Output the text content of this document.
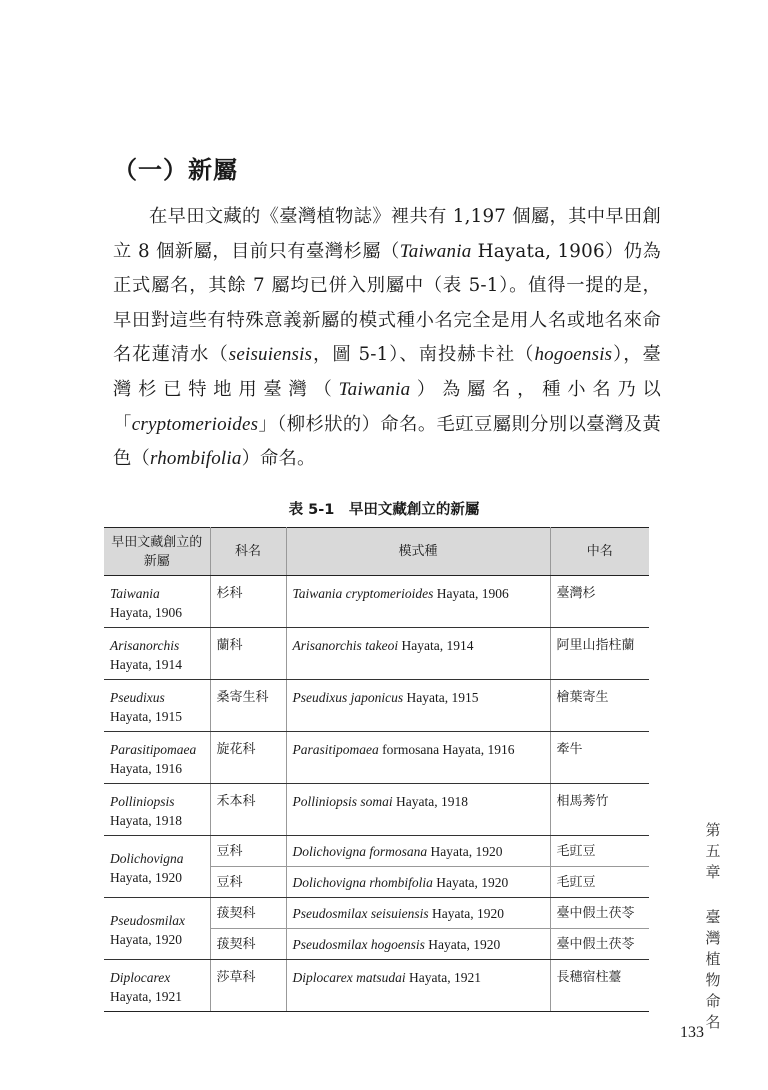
（一）新屬

在早田文藏的《臺灣植物誌》裡共有 1,197 個屬，其中早田創立 8 個新屬，目前只有臺灣杉屬（Taiwania Hayata, 1906）仍為正式屬名，其餘 7 屬均已併入別屬中（表 5-1）。值得一提的是，早田對這些有特殊意義新屬的模式種小名完全是用人名或地名來命名花蓮清水（seisuiensis，圖 5-1）、南投赫卡社（hogoensis），臺灣杉已特地用臺灣（Taiwania）為屬名，種小名乃以「cryptomerioides」（柳杉狀的）命名。毛豇豆屬則分別以臺灣及黃色（rhombifolia）命名。

表 5-1　早田文藏創立的新屬
早田文藏創立的新屬	科名	模式種	中名
Taiwania
Hayata, 1906	杉科	Taiwania cryptomerioides Hayata, 1906	臺灣杉
Arisanorchis
Hayata, 1914	蘭科	Arisanorchis takeoi Hayata, 1914	阿里山指柱蘭
Pseudixus
Hayata, 1915	桑寄生科	Pseudixus japonicus Hayata, 1915	檜葉寄生
Parasitipomaea
Hayata, 1916	旋花科	Parasitipomaea formosana Hayata, 1916	牽牛
Polliniopsis
Hayata, 1918	禾本科	Polliniopsis somai Hayata, 1918	相馬莠竹
Dolichovigna
Hayata, 1920	豆科	Dolichovigna formosana Hayata, 1920	毛豇豆
	豆科	Dolichovigna rhombifolia Hayata, 1920	毛豇豆
Pseudosmilax
Hayata, 1920	菝契科	Pseudosmilax seisuiensis Hayata, 1920	臺中假土茯苓
	菝契科	Pseudosmilax hogoensis Hayata, 1920	臺中假土茯苓
Diplocarex
Hayata, 1921	莎草科	Diplocarex matsudai Hayata, 1921	長穗宿柱薹
第
五
章
臺
灣
植
物
命
名
133
